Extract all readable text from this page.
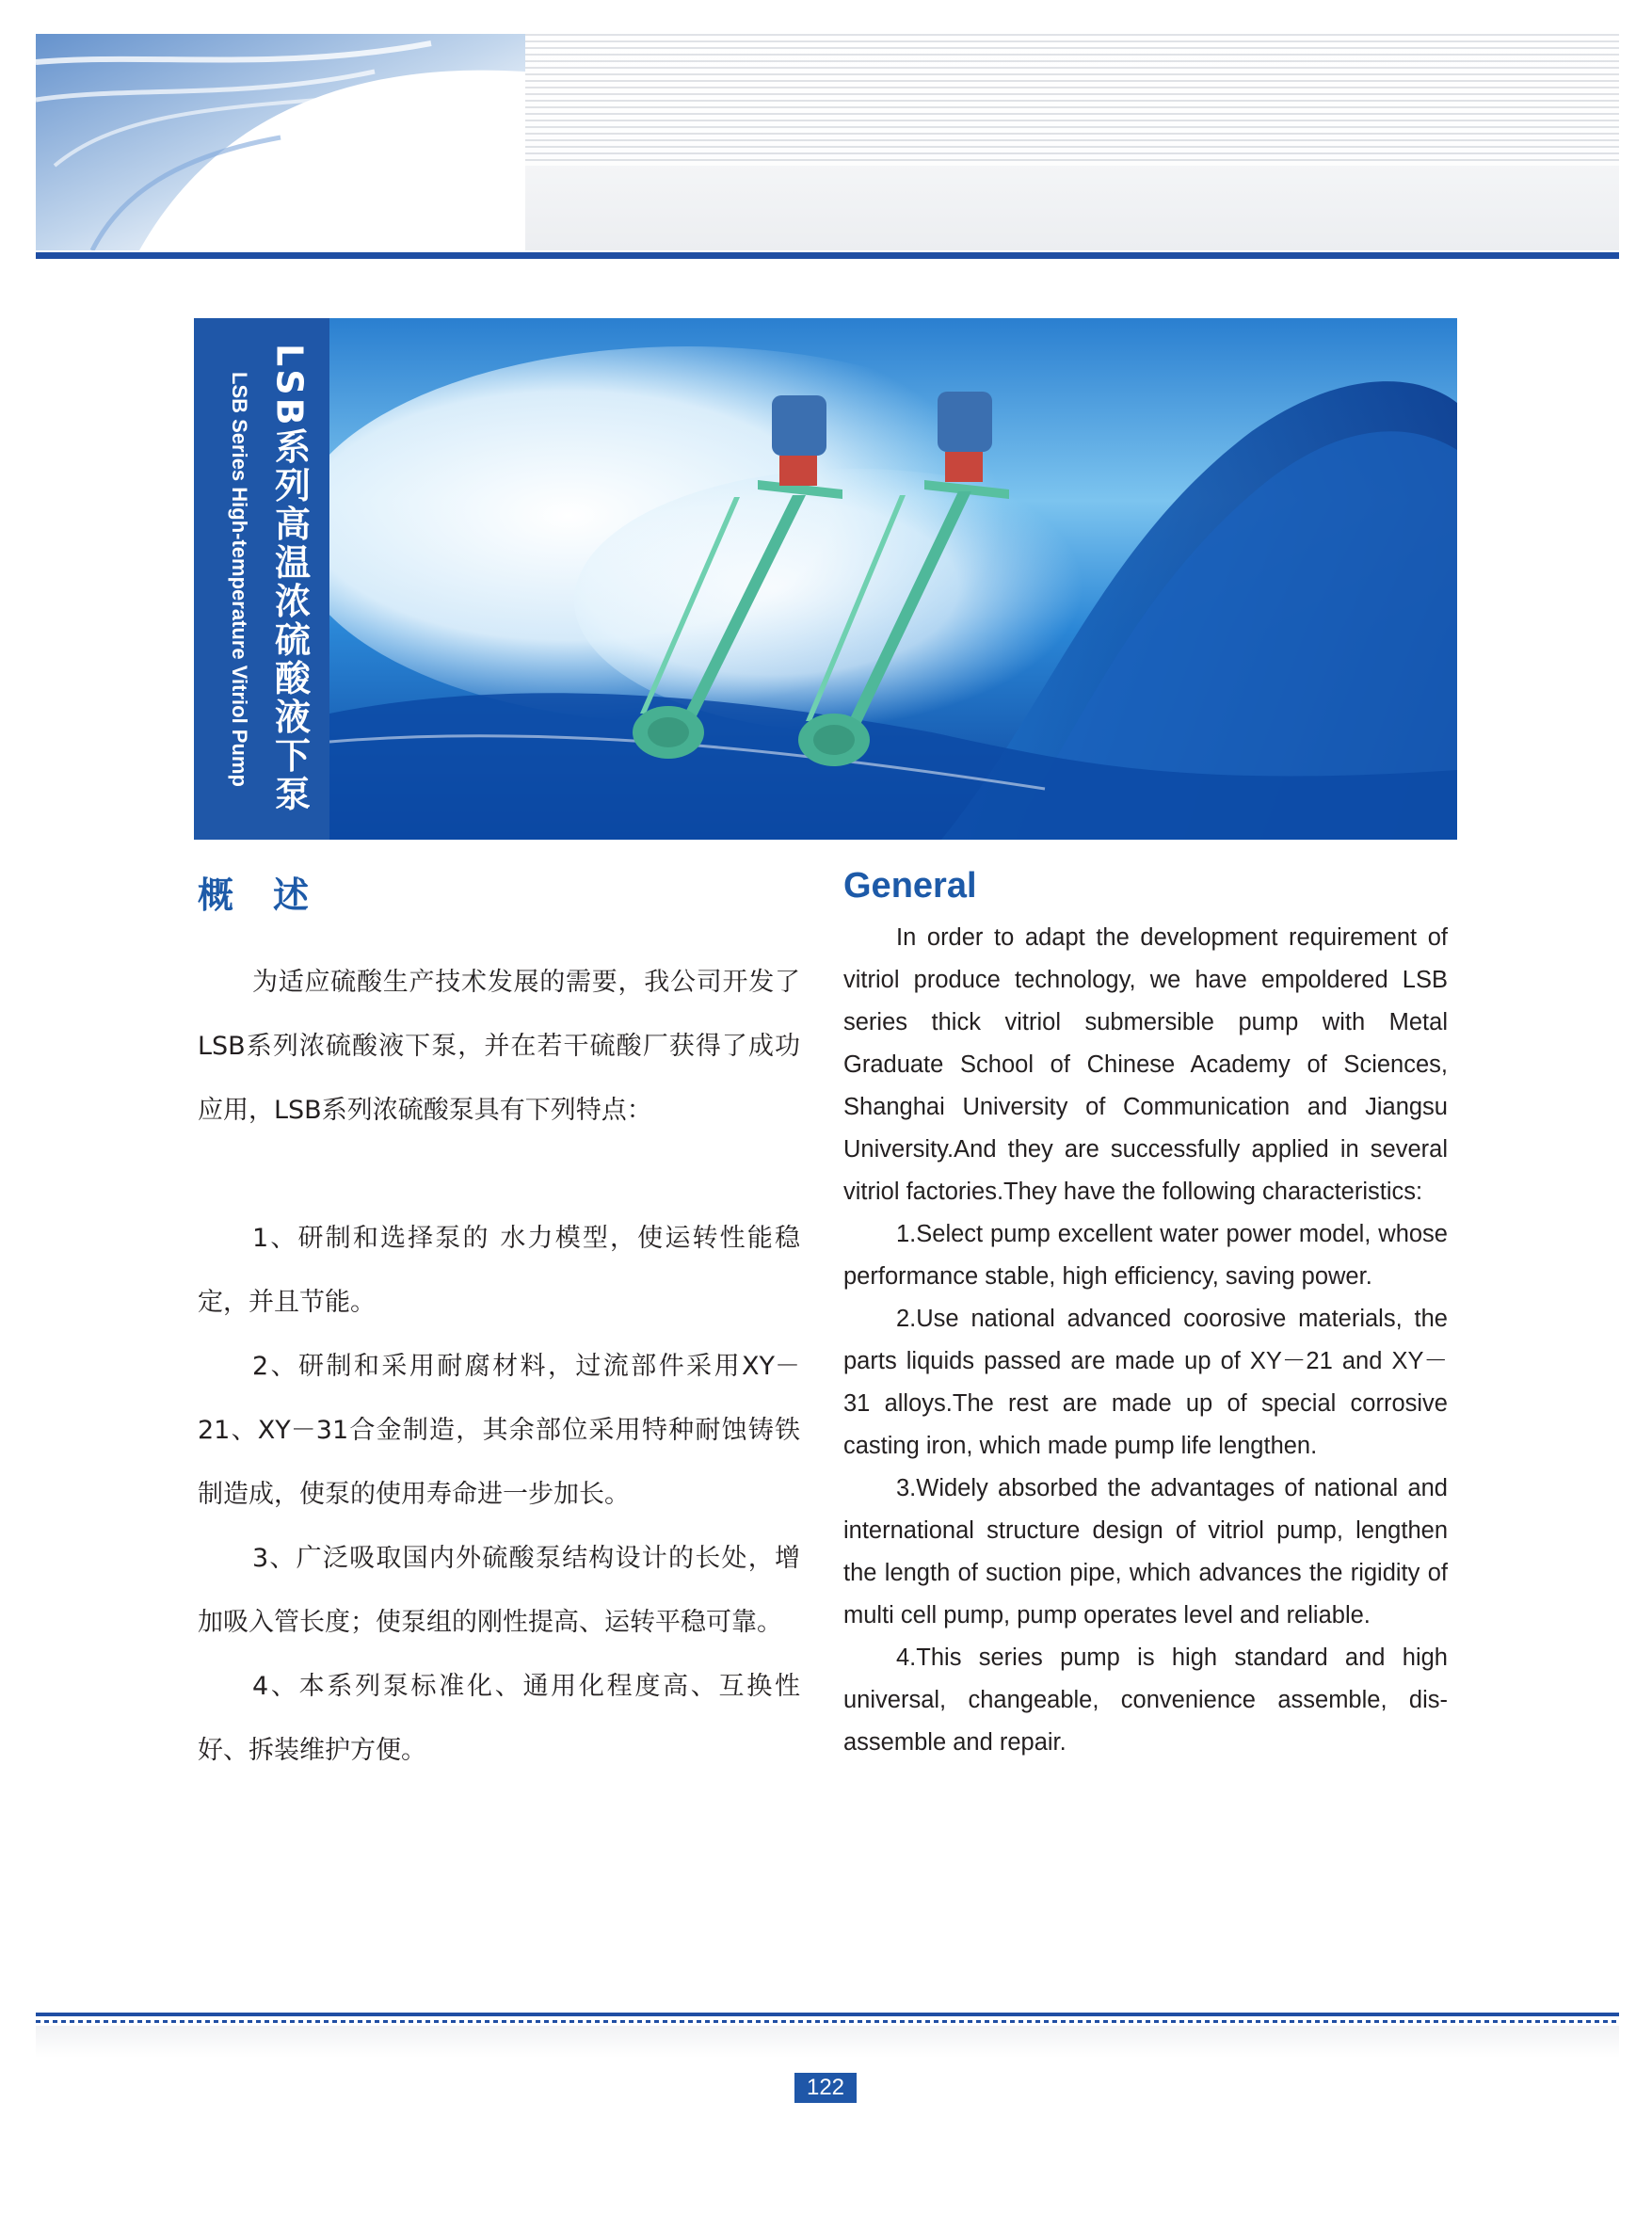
LSB系列高温浓硫酸液下泵
LSB Series High-temperature Vitriol Pump
概述

为适应硫酸生产技术发展的需要，我公司开发了LSB系列浓硫酸液下泵，并在若干硫酸厂获得了成功应用，LSB系列浓硫酸泵具有下列特点：

1、研制和选择泵的 水力模型，使运转性能稳定，并且节能。

2、研制和采用耐腐材料，过流部件采用XY－21、XY－31合金制造，其余部位采用特种耐蚀铸铁制造成，使泵的使用寿命进一步加长。

3、广泛吸取国内外硫酸泵结构设计的长处，增加吸入管长度；使泵组的刚性提高、运转平稳可靠。

4、本系列泵标准化、通用化程度高、互换性好、拆装维护方便。

General

In order to adapt the development requirement of vitriol produce technology, we have empoldered LSB series thick vitriol submersible pump with Metal Graduate School of Chinese Academy of Sciences, Shanghai University of Communication and Jiangsu University.And they are successfully applied in several vitriol factories.They have the following characteristics:

1.Select pump excellent water power model, whose performance stable, high efficiency, saving power.

2.Use national advanced coorosive materials, the parts liquids passed are made up of XY－21 and XY－31 alloys.The rest are made up of special corrosive casting iron, which made pump life lengthen.

3.Widely absorbed the advantages of national and international structure design of vitriol pump, lengthen the length of suction pipe, which advances the rigidity of multi cell pump, pump operates level and reliable.

4.This series pump is high standard and high universal, changeable, convenience assemble, dis-assemble and repair.

122
